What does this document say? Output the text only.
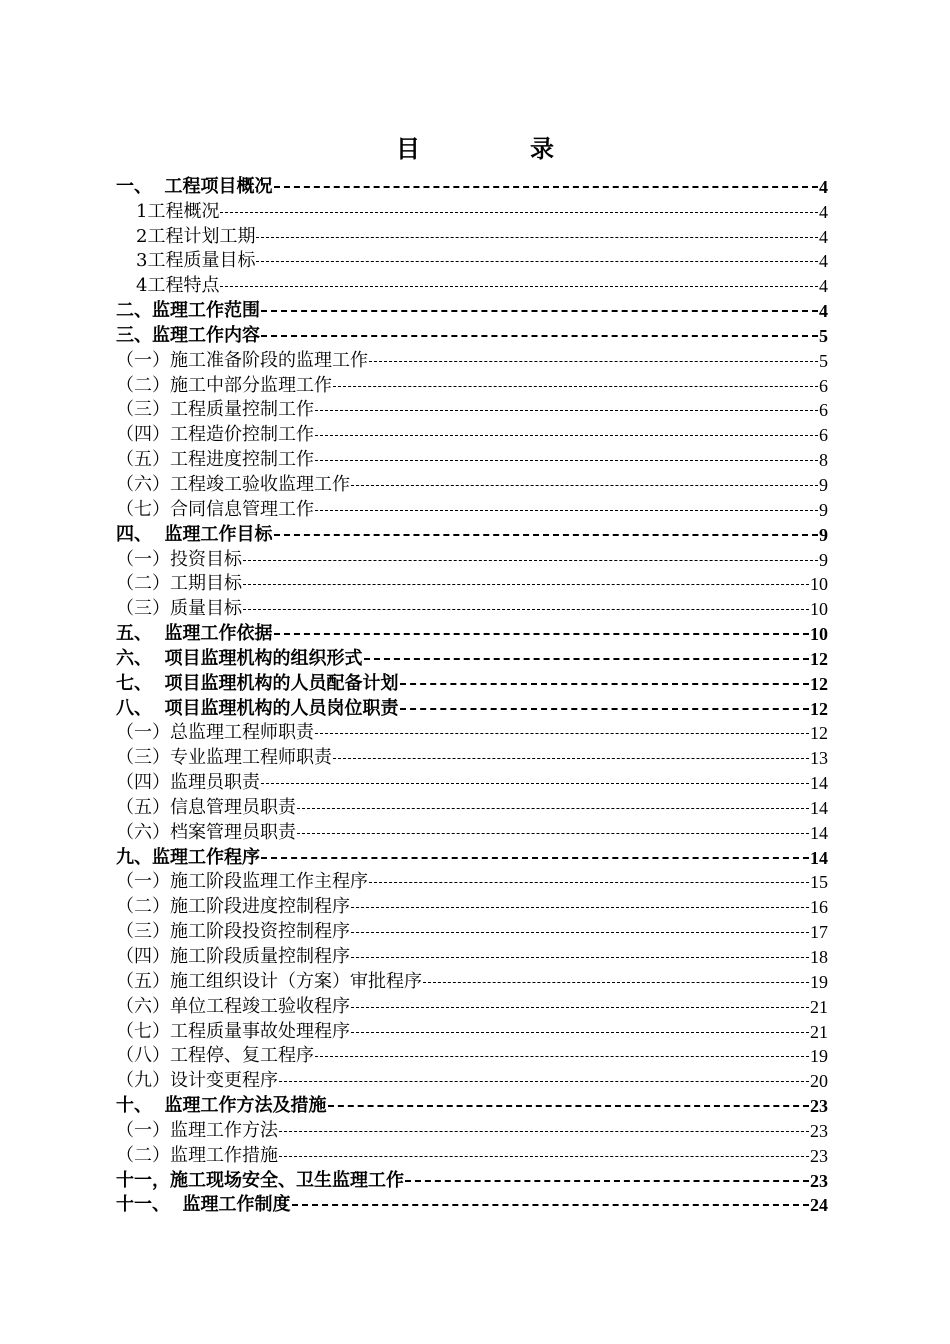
目录
一、  工程项目概况	4
1工程概况	4
2工程计划工期	4
3工程质量目标	4
4工程特点	4
二、监理工作范围	4
三、监理工作内容	5
（一）施工准备阶段的监理工作	5
（二）施工中部分监理工作	6
（三）工程质量控制工作	6
（四）工程造价控制工作	6
（五）工程进度控制工作	8
（六）工程竣工验收监理工作	9
（七）合同信息管理工作	9
四、  监理工作目标	9
（一）投资目标	9
（二）工期目标	10
（三）质量目标	10
五、  监理工作依据	10
六、  项目监理机构的组织形式	12
七、  项目监理机构的人员配备计划	12
八、  项目监理机构的人员岗位职责	12
（一）总监理工程师职责	12
（三）专业监理工程师职责	13
（四）监理员职责	14
（五）信息管理员职责	14
（六）档案管理员职责	14
九、监理工作程序	14
（一）施工阶段监理工作主程序	15
（二）施工阶段进度控制程序	16
（三）施工阶段投资控制程序	17
（四）施工阶段质量控制程序	18
（五）施工组织设计（方案）审批程序	19
（六）单位工程竣工验收程序	21
（七）工程质量事故处理程序	21
（八）工程停、复工程序	19
（九）设计变更程序	20
十、  监理工作方法及措施	23
（一）监理工作方法	23
（二）监理工作措施	23
十一，施工现场安全、卫生监理工作	23
十一、  监理工作制度	24
